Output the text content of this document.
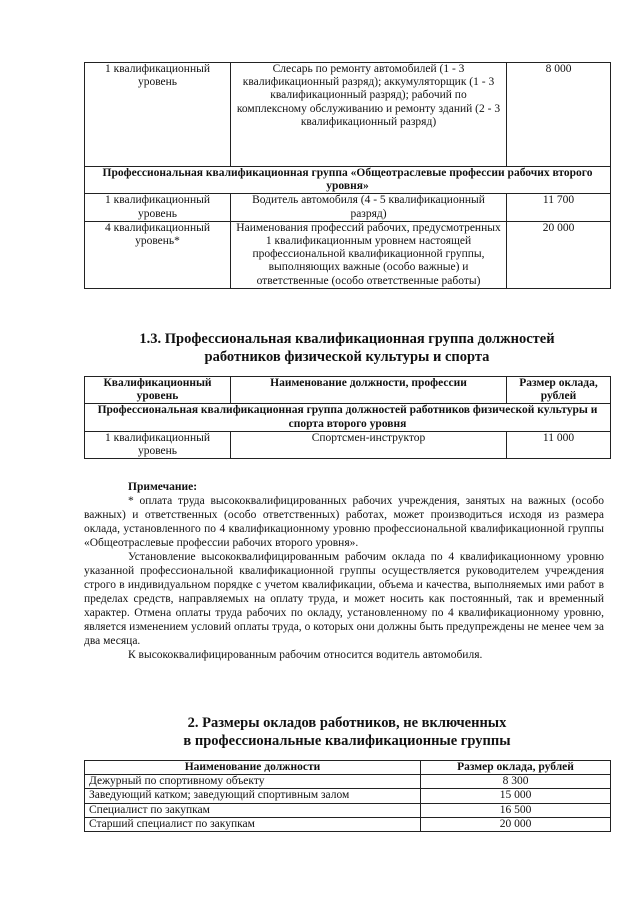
1 квалификационный уровень	Слесарь по ремонту автомобилей (1 - 3 квалификационный разряд); аккумуляторщик (1 - 3 квалификационный разряд); рабочий по комплексному обслуживанию и ремонту зданий (2 - 3 квалификационный разряд)	8 000
Профессиональная квалификационная группа «Общеотраслевые профессии рабочих второго уровня»		
1 квалификационный уровень	Водитель автомобиля (4 - 5 квалификационный разряд)	11 700
4 квалификационный уровень*	Наименования профессий рабочих, предусмотренных 1 квалификационным уровнем настоящей профессиональной квалификационной группы, выполняющих важные (особо важные) и ответственные (особо ответственные работы)	20 000
1.3. Профессиональная квалификационная группа должностей
работников физической культуры и спорта
Квалификационный уровень	Наименование должности, профессии	Размер оклада, рублей
Профессиональная квалификационная группа должностей работников физической культуры и спорта второго уровня		
1 квалификационный уровень	Спортсмен-инструктор	11 000

Примечание:

* оплата труда высококвалифицированных рабочих учреждения, занятых на важных (особо важных) и ответственных (особо ответственных) работах, может производиться исходя из размера оклада, установленного по 4 квалификационному уровню профессиональной квалификационной группы «Общеотраслевые профессии рабочих второго уровня».

Установление высококвалифицированным рабочим оклада по 4 квалификационному уровню указанной профессиональной квалификационной группы осуществляется руководителем учреждения строго в индивидуальном порядке с учетом квалификации, объема и качества, выполняемых ими работ в пределах средств, направляемых на оплату труда, и может носить как постоянный, так и временный характер. Отмена оплаты труда рабочих по окладу, установленному по 4 квалификационному уровню, является изменением условий оплаты труда, о которых они должны быть предупреждены не менее чем за два месяца.

К высококвалифицированным рабочим относится водитель автомобиля.

2. Размеры окладов работников, не включенных
в профессиональные квалификационные группы
Наименование должности	Размер оклада, рублей
Дежурный по спортивному объекту	8 300
Заведующий катком; заведующий спортивным залом	15 000
Специалист по закупкам	16 500
Старший специалист по закупкам	20 000
